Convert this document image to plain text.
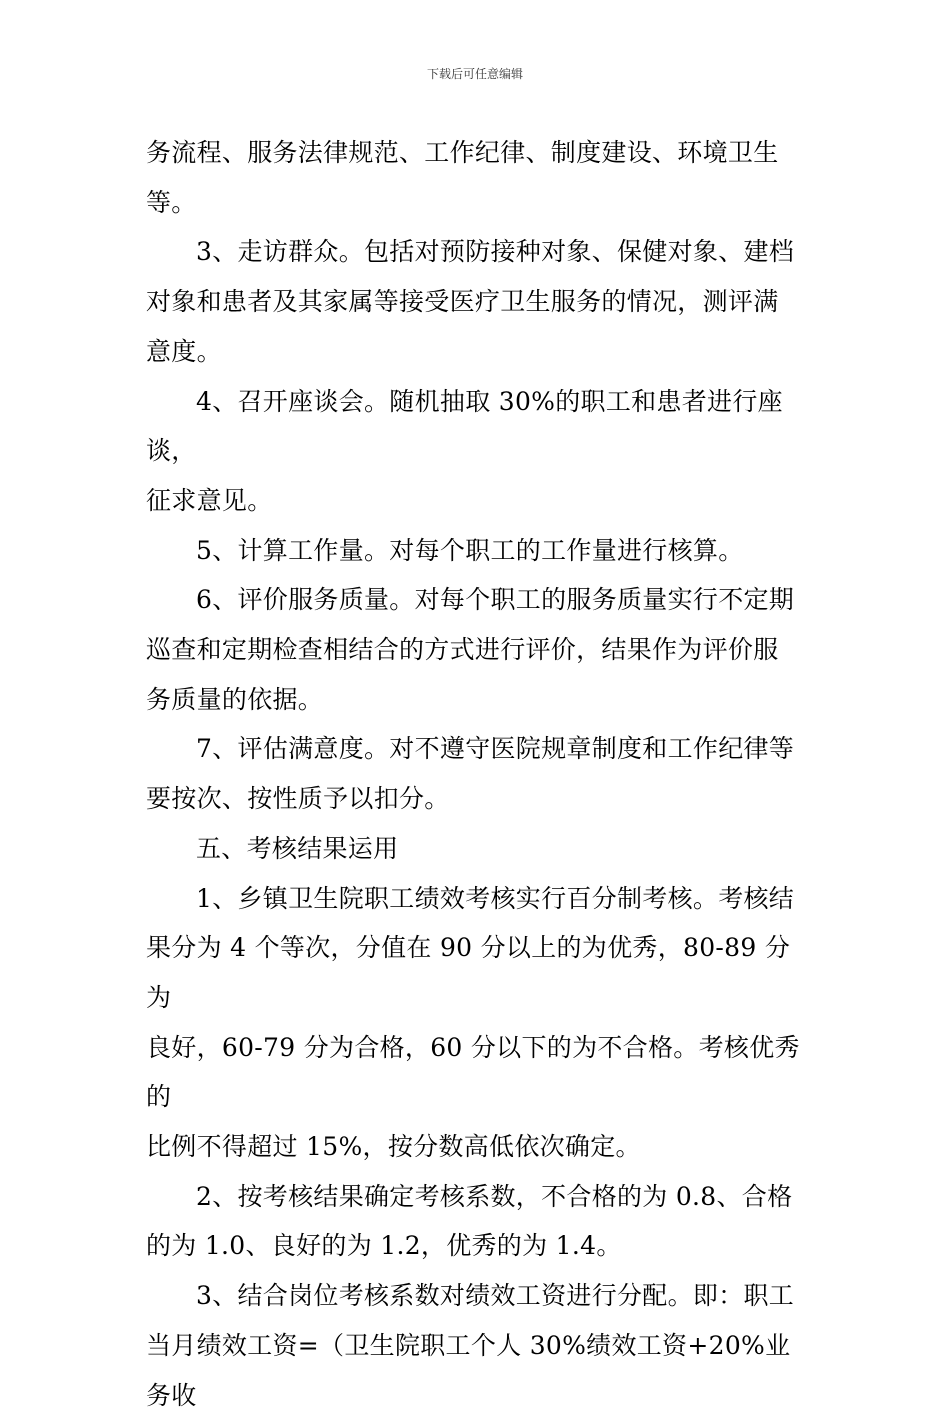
下载后可任意编辑
务流程、服务法律规范、工作纪律、制度建设、环境卫生
等。
3、走访群众。包括对预防接种对象、保健对象、建档
对象和患者及其家属等接受医疗卫生服务的情况，测评满
意度。
4、召开座谈会。随机抽取 30%的职工和患者进行座谈，
征求意见。
5、计算工作量。对每个职工的工作量进行核算。
6、评价服务质量。对每个职工的服务质量实行不定期
巡查和定期检查相结合的方式进行评价，结果作为评价服
务质量的依据。
7、评估满意度。对不遵守医院规章制度和工作纪律等
要按次、按性质予以扣分。
五、考核结果运用
1、乡镇卫生院职工绩效考核实行百分制考核。考核结
果分为 4 个等次，分值在 90 分以上的为优秀，80-89 分为
良好，60-79 分为合格，60 分以下的为不合格。考核优秀的
比例不得超过 15%，按分数高低依次确定。
2、按考核结果确定考核系数，不合格的为 0.8、合格
的为 1.0、良好的为 1.2，优秀的为 1.4。
3、结合岗位考核系数对绩效工资进行分配。即：职工
当月绩效工资=（卫生院职工个人 30%绩效工资+20%业务收
